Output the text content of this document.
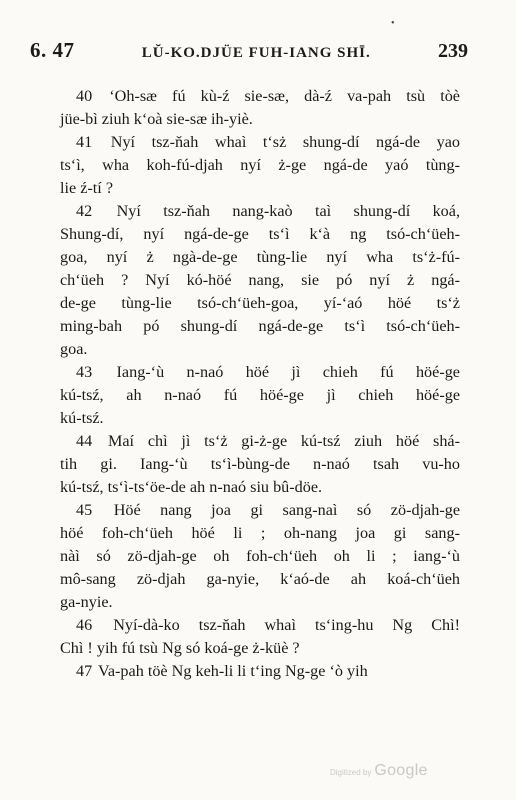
•
6. 47	LŬ-KO.DJÜE FUH-IANG SHĪ.	239
40 ‘Oh-sæ fú kù-ź sie-sæ, dà-ź va-pah tsù tòè
jüe-bì ziuh k‘oà sie-sæ ih-yiè.
41 Nyí tsz-ňah whaì t‘sż shung-dí ngá-de yao
ts‘ì, wha koh-fú-djah nyí ż-ge ngá-de yaó tùng-
lie ź-tí ?
42 Nyí tsz-ňah nang-kaò taì shung-dí koá,
Shung-dí, nyí ngá-de-ge ts‘ì k‘à ng tsó-ch‘üeh-
goa, nyí ż ngà-de-ge tùng-lie nyí wha ts‘ż-fú-
ch‘üeh ? Nyí kó-höé nang, sie pó nyí ż ngá-
de-ge tùng-lie tsó-ch‘üeh-goa, yí-‘aó höé ts‘ż
ming-bah pó shung-dí ngá-de-ge ts‘ì tsó-ch‘üeh-
goa.
43 Iang-‘ù n-naó höé jì chieh fú höé-ge
kú-tsź, ah n-naó fú höé-ge jì chieh höé-ge
kú-tsź.
44 Maí chì jì ts‘ż gi-ż-ge kú-tsź ziuh höé shá-
tih gi. Iang-‘ù ts‘ì-bùng-de n-naó tsah vu-ho
kú-tsź, ts‘ì-ts‘öe-de ah n-naó siu bû-döe.
45 Höé nang joa gi sang-naì só zö-djah-ge
höé foh-ch‘üeh höé li ; oh-nang joa gi sang-
nàì só zö-djah-ge oh foh-ch‘üeh oh li ; iang-‘ù
mô-sang zö-djah ga-nyie, k‘aó-de ah koá-ch‘üeh
ga-nyie.
46 Nyí-dà-ko tsz-ňah whaì ts‘ing-hu Ng Chì!
Chì ! yih fú tsù Ng só koá-ge ż-küè ?
47 Va-pah töè Ng keh-li li t‘ing Ng-ge ‘ò yih
Digitized by Google
